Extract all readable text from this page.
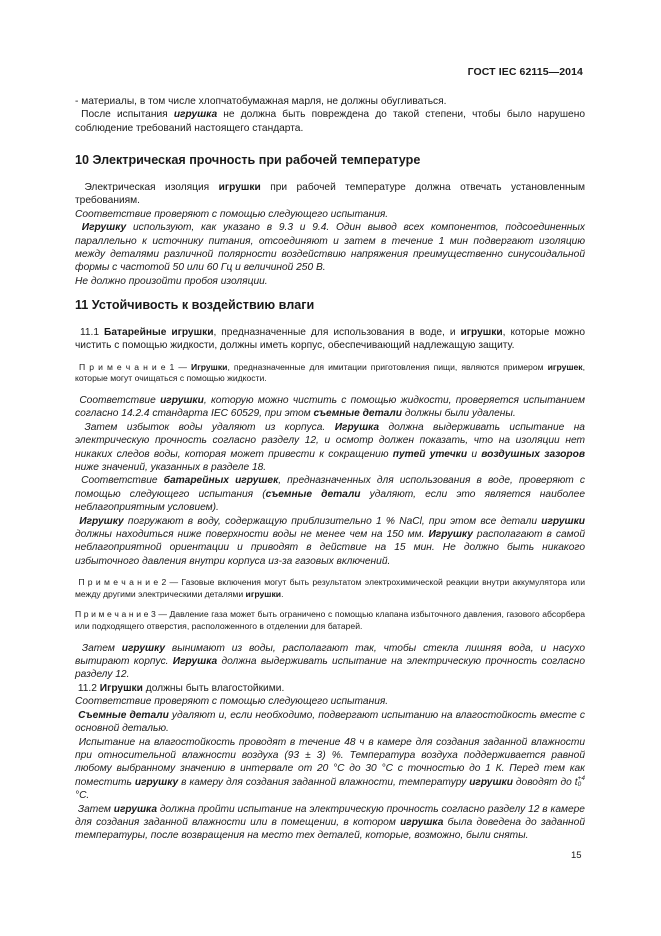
ГОСТ IEC 62115—2014

- материалы, в том числе хлопчатобумажная марля, не должны обугливаться.

После испытания игрушка не должна быть повреждена до такой степени, чтобы было нарушено соблюдение требований настоящего стандарта.

10 Электрическая прочность при рабочей температуре

Электрическая изоляция игрушки при рабочей температуре должна отвечать установленным требованиям.

Соответствие проверяют с помощью следующего испытания.

Игрушку используют, как указано в 9.3 и 9.4. Один вывод всех компонентов, подсоединенных параллельно к источнику питания, отсоединяют и затем в течение 1 мин подвергают изоляцию между деталями различной полярности воздействию напряжения преимущественно синусоидальной формы с частотой 50 или 60 Гц и величиной 250 В.

Не должно произойти пробоя изоляции.

11 Устойчивость к воздействию влаги

11.1 Батарейные игрушки, предназначенные для использования в воде, и игрушки, которые можно чистить с помощью жидкости, должны иметь корпус, обеспечивающий надлежащую защиту.

П р и м е ч а н и е 1 — Игрушки, предназначенные для имитации приготовления пищи, являются примером игрушек, которые могут очищаться с помощью жидкости.

Соответствие игрушки, которую можно чистить с помощью жидкости, проверяется испытанием согласно 14.2.4 стандарта IEC 60529, при этом съемные детали должны были удалены.

Затем избыток воды удаляют из корпуса. Игрушка должна выдерживать испытание на электрическую прочность согласно разделу 12, и осмотр должен показать, что на изоляции нет никаких следов воды, которая может привести к сокращению путей утечки и воздушных зазоров ниже значений, указанных в разделе 18.

Соответствие батарейных игрушек, предназначенных для использования в воде, проверяют с помощью следующего испытания (съемные детали удаляют, если это является наиболее неблагоприятным условием).

Игрушку погружают в воду, содержащую приблизительно 1 % NaCl, при этом все детали игрушки должны находиться ниже поверхности воды не менее чем на 150 мм. Игрушку располагают в самой неблагоприятной ориентации и приводят в действие на 15 мин. Не должно быть никакого избыточного давления внутри корпуса из-за газовых включений.

П р и м е ч а н и е 2 — Газовые включения могут быть результатом электрохимической реакции внутри аккумулятора или между другими электрическими деталями игрушки.

П р и м е ч а н и е 3 — Давление газа может быть ограничено с помощью клапана избыточного давления, газового абсорбера или подходящего отверстия, расположенного в отделении для батарей.

Затем игрушку вынимают из воды, располагают так, чтобы стекла лишняя вода, и насухо вытирают корпус. Игрушка должна выдерживать испытание на электрическую прочность согласно разделу 12.

11.2 Игрушки должны быть влагостойкими.

Соответствие проверяют с помощью следующего испытания.

Съемные детали удаляют и, если необходимо, подвергают испытанию на влагостойкость вместе с основной деталью.

Испытание на влагостойкость проводят в течение 48 ч в камере для создания заданной влажности при относительной влажности воздуха (93 ± 3) %. Температура воздуха поддерживается равной любому выбранному значению в интервале от 20 °С до 30 °С с точностью до 1 К. Перед тем как поместить игрушку в камеру для создания заданной влажности, температуру игрушки доводят до t+4
0 °С.

Затем игрушка должна пройти испытание на электрическую прочность согласно разделу 12 в камере для создания заданной влажности или в помещении, в котором игрушка была доведена до заданной температуры, после возвращения на место тех деталей, которые, возможно, были сняты.

15
